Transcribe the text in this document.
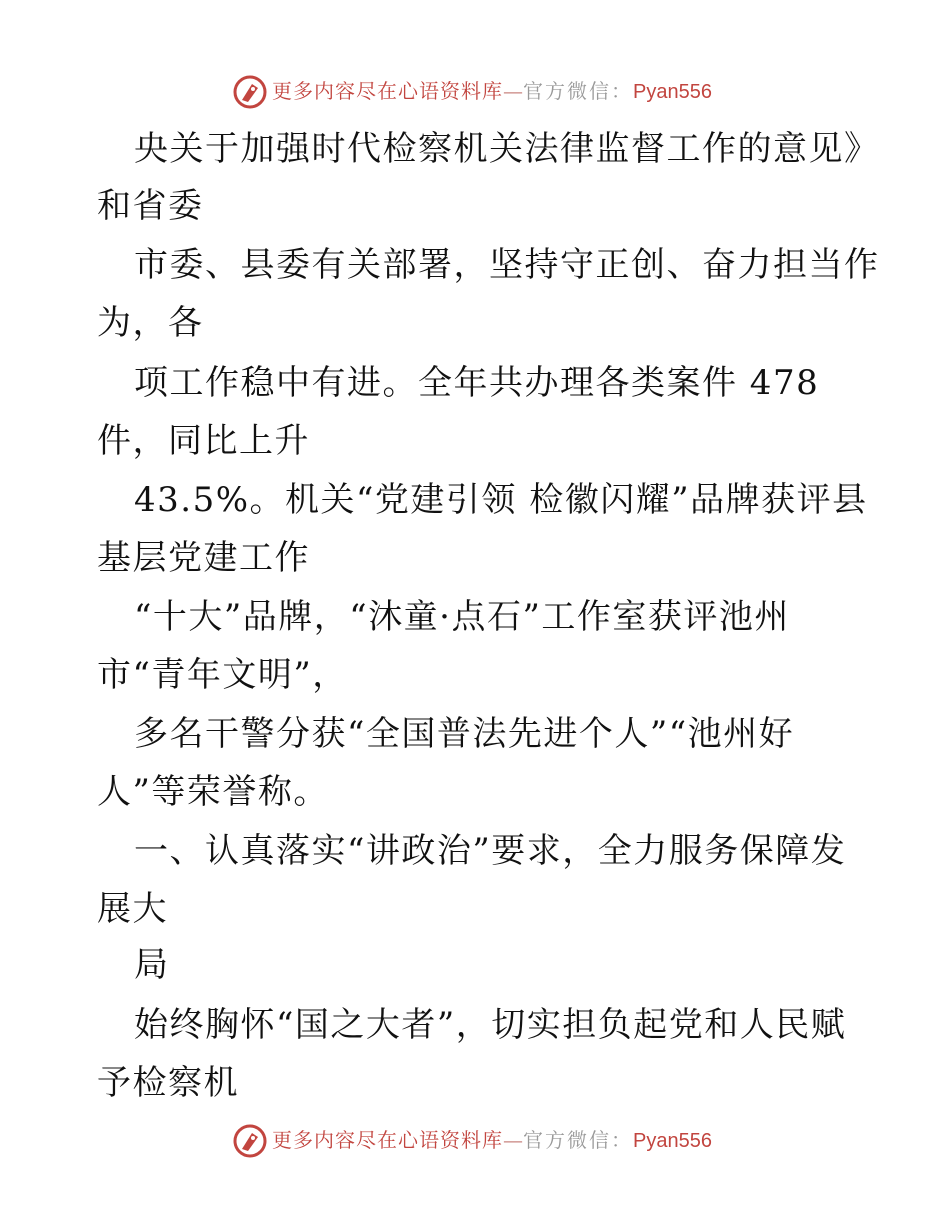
更多内容尽在心语资料库—官方微信：Pyan556
央关于加强时代检察机关法律监督工作的意见》
和省委
市委、县委有关部署，坚持守正创、奋力担当作
为，各
项工作稳中有进。全年共办理各类案件 478
件，同比上升
43.5%。机关“党建引领 检徽闪耀”品牌获评县
基层党建工作
“十大”品牌，“沐童·点石”工作室获评池州
市“青年文明”，
多名干警分获“全国普法先进个人”“池州好
人”等荣誉称。
一、认真落实“讲政治”要求，全力服务保障发
展大
局
始终胸怀“国之大者”，切实担负起党和人民赋
予检察机
更多内容尽在心语资料库—官方微信：Pyan556
